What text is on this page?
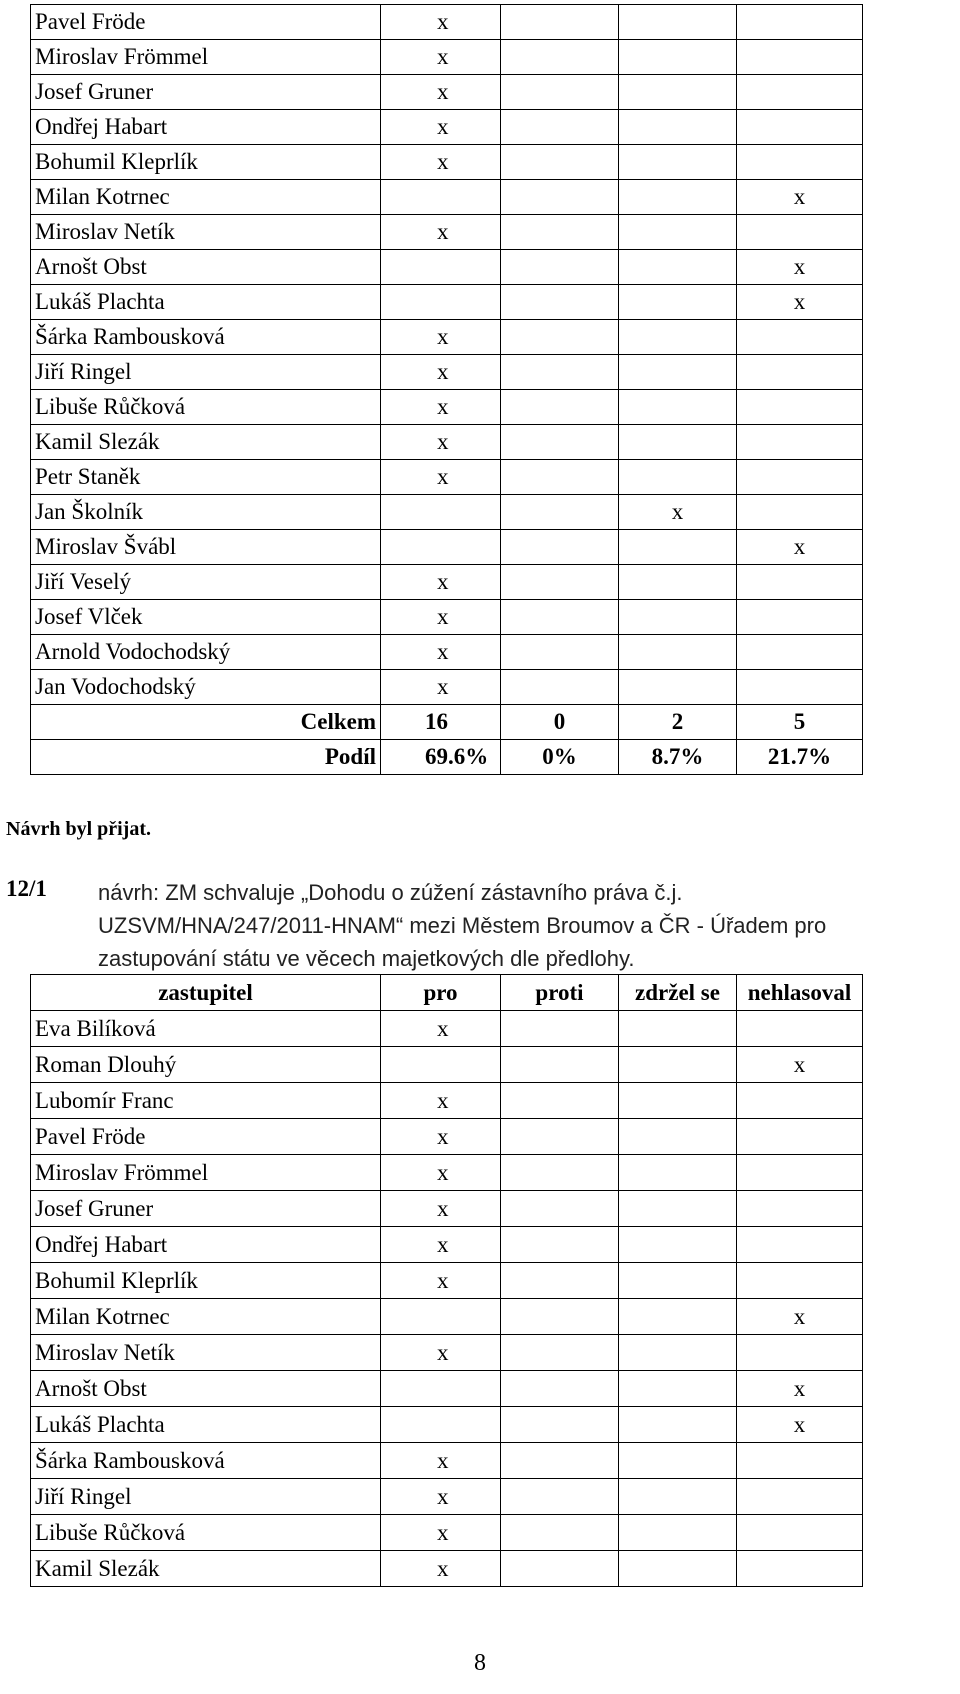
Pavel Fröde	x			
Miroslav Frömmel	x			
Josef Gruner	x			
Ondřej Habart	x			
Bohumil Kleprlík	x			
Milan Kotrnec				x
Miroslav Netík	x			
Arnošt Obst				x
Lukáš Plachta				x
Šárka Rambousková	x			
Jiří Ringel	x			
Libuše Růčková	x			
Kamil Slezák	x			
Petr Staněk	x			
Jan Školník			x	
Miroslav Švábl				x
Jiří Veselý	x			
Josef Vlček	x			
Arnold Vodochodský	x			
Jan Vodochodský	x			
Celkem	16	0	2	5
Podíl	69.6%	0%	8.7%	21.7%
Návrh byl přijat.
12/1 návrh: ZM schvaluje „Dohodu o zúžení zástavního práva č.j.
UZSVM/HNA/247/2011-HNAM“ mezi Městem Broumov a ČR - Úřadem pro
zastupování státu ve věcech majetkových dle předlohy.
zastupitel	pro	proti	zdržel se	nehlasoval
Eva Bilíková	x			
Roman Dlouhý				x
Lubomír Franc	x			
Pavel Fröde	x			
Miroslav Frömmel	x			
Josef Gruner	x			
Ondřej Habart	x			
Bohumil Kleprlík	x			
Milan Kotrnec				x
Miroslav Netík	x			
Arnošt Obst				x
Lukáš Plachta				x
Šárka Rambousková	x			
Jiří Ringel	x			
Libuše Růčková	x			
Kamil Slezák	x			
8
